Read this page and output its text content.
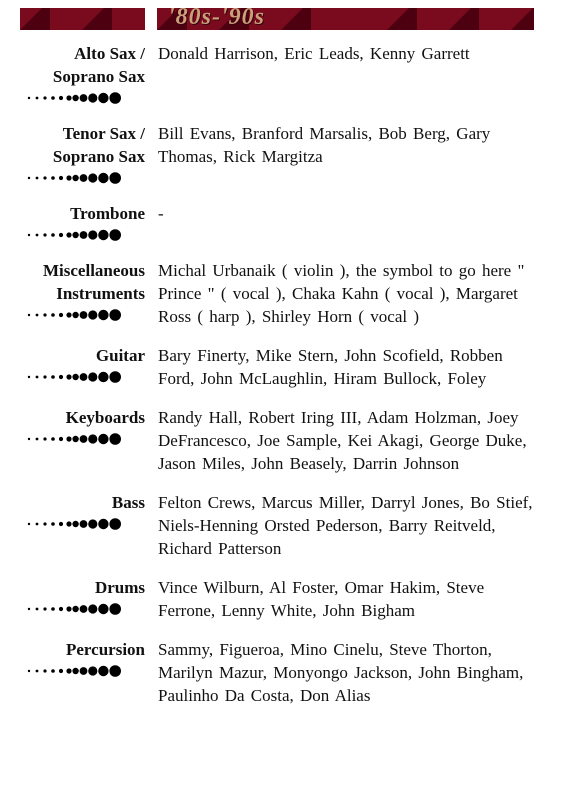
'80s-'90s
Alto Sax /
Soprano Sax
Donald Harrison, Eric Leads, Kenny Garrett
Tenor Sax /
Soprano Sax
Bill Evans, Branford Marsalis, Bob Berg, Gary Thomas, Rick Margitza
Trombone -
Miscellaneous
Instruments
Michal Urbanaik ( violin ), the symbol to go here " Prince " ( vocal ), Chaka Kahn ( vocal ), Margaret Ross ( harp ), Shirley Horn ( vocal )
Guitar Bary Finerty, Mike Stern, John Scofield, Robben Ford, John McLaughlin, Hiram Bullock, Foley
Keyboards Randy Hall, Robert Iring III, Adam Holzman, Joey DeFrancesco, Joe Sample, Kei Akagi, George Duke, Jason Miles, John Beasely, Darrin Johnson
Bass Felton Crews, Marcus Miller, Darryl Jones, Bo Stief, Niels-Henning Orsted Pederson, Barry Reitveld, Richard Patterson
Drums Vince Wilburn, Al Foster, Omar Hakim, Steve Ferrone, Lenny White, John Bigham
Percursion Sammy, Figueroa, Mino Cinelu, Steve Thorton, Marilyn Mazur, Monyongo Jackson, John Bingham, Paulinho Da Costa, Don Alias
